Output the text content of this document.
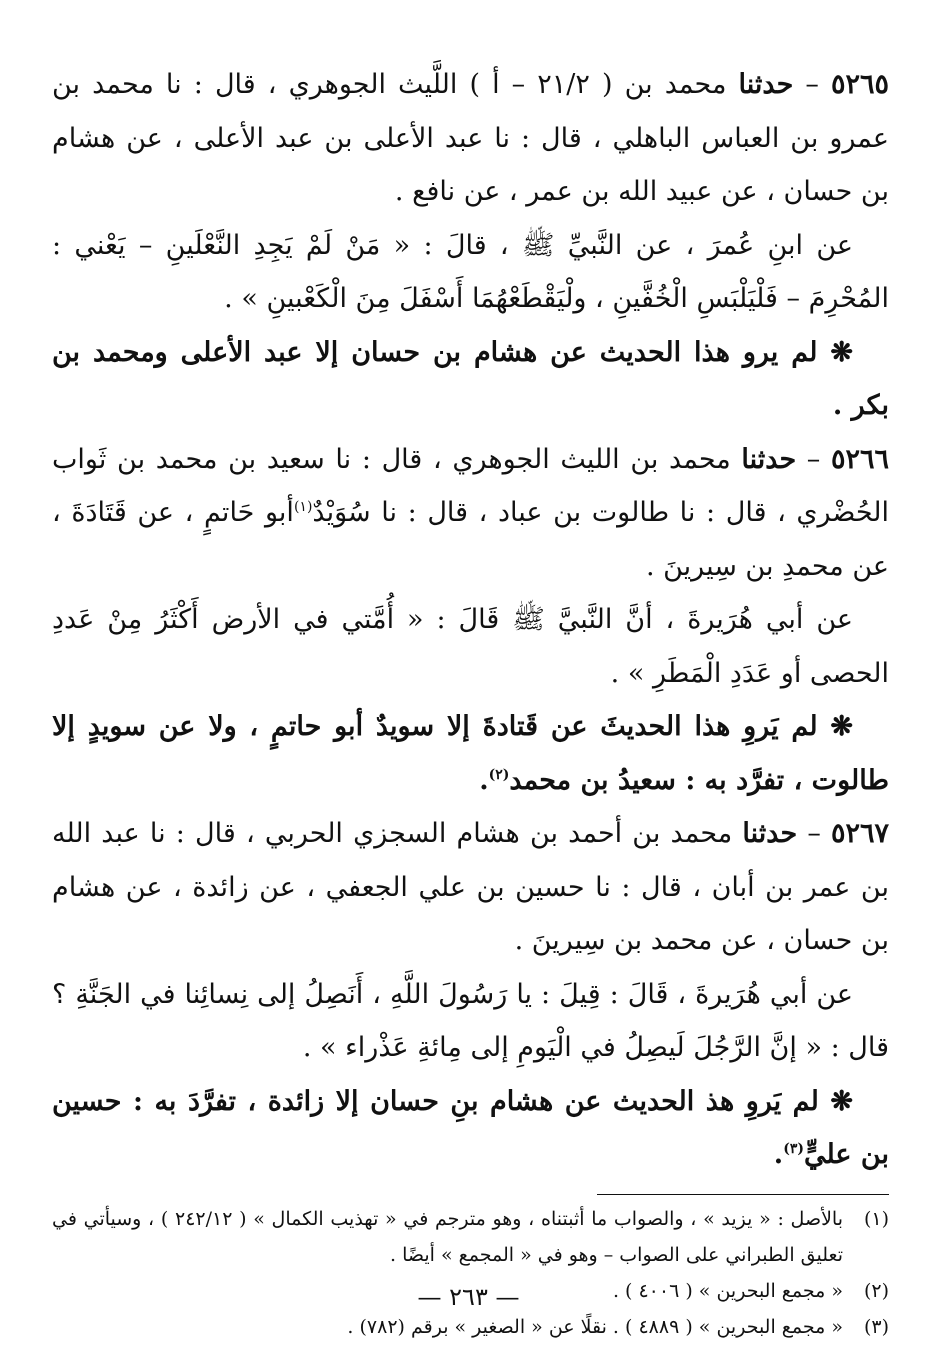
٥٢٦٥ – حدثنا محمد بن ( ٢١/٢ – أ ) اللَّيث الجوهري ، قال : نا محمد بن عمرو بن العباس الباهلي ، قال : نا عبد الأعلى بن عبد الأعلى ، عن هشام بن حسان ، عن عبيد الله بن عمر ، عن نافع .

عن ابنِ عُمرَ ، عن النَّبيِّ ﷺ ، قالَ : « مَنْ لَمْ يَجِدِ النَّعْلَينِ – يَعْني : المُحْرِمَ – فَلْيَلْبَسِ الْخُفَّينِ ، ولْيَقْطَعْهُمَا أَسْفَلَ مِنَ الْكَعْبينِ » .

❋ لم يرو هذا الحديث عن هشام بن حسان إلا عبد الأعلى ومحمد بن بكر .

٥٢٦٦ – حدثنا محمد بن الليث الجوهري ، قال : نا سعيد بن محمد بن ثَواب الحُضْري ، قال : نا طالوت بن عباد ، قال : نا سُوَيْدٌ$^{(١)}$أبو حَاتمٍ ، عن قَتَادَةَ ، عن محمدِ بن سِيرينَ .

عن أبي هُرَيرةَ ، أنَّ النَّبيَّ ﷺ قَالَ : « أُمَّتي في الأرض أَكْثَرُ مِنْ عَددِ الحصى أو عَدَدِ الْمَطَرِ » .

❋ لم يَروِ هذا الحديثَ عن قَتادةَ إلا سويدٌ أبو حاتمٍ ، ولا عن سويدٍ إلا طالوت ، تفرَّد به : سعيدُ بن محمد$^{(٢)}$.

٥٢٦٧ – حدثنا محمد بن أحمد بن هشام السجزي الحربي ، قال : نا عبد الله بن عمر بن أبان ، قال : نا حسين بن علي الجعفي ، عن زائدة ، عن هشام بن حسان ، عن محمد بن سِيرينَ .

عن أبي هُرَيرةَ ، قَالَ : قِيلَ : يا رَسُولَ اللَّهِ ، أَنَصِلُ إلى نِسائِنا في الجَنَّةِ ؟ قال : « إنَّ الرَّجُلَ لَيصِلُ في الْيَومِ إلى مِائةِ عَذْراء » .

❋ لم يَروِ هذ الحديث عن هشام بنِ حسان إلا زائدة ، تفرَّدَ به : حسين بن عليٍّ$^{(٣)}$.

(١)
بالأصل : « يزيد » ، والصواب ما أثبتناه ، وهو مترجم في « تهذيب الكمال » ( ٢٤٢/١٢ ) ، وسيأتي في تعليق الطبراني على الصواب – وهو في « المجمع » أيضًا .
(٢)
« مجمع البحرين » ( ٤٠٠٦ ) .
(٣)
« مجمع البحرين » ( ٤٨٨٩ ) . نقلًا عن « الصغير » برقم (٧٨٢) .
— ٢٦٣ —
